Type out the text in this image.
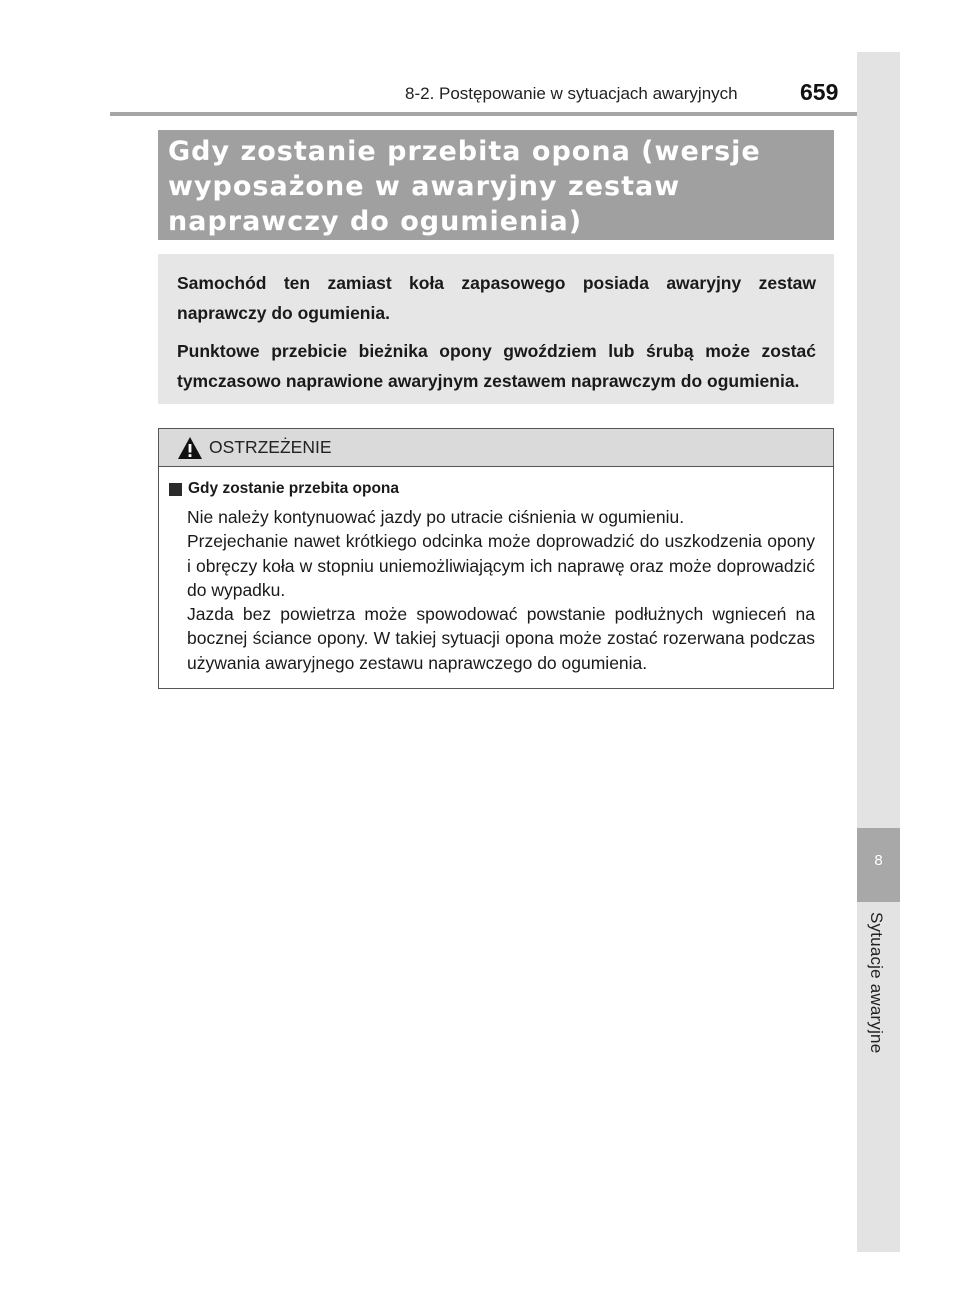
8-2. Postępowanie w sytuacjach awaryjnych	659
8
Sytuacje awaryjne
Gdy zostanie przebita opona (wersje wyposażone w awaryjny zestaw naprawczy do ogumienia)

Samochód ten zamiast koła zapasowego posiada awaryjny zestaw naprawczy do ogumienia.

Punktowe przebicie bieżnika opony gwoździem lub śrubą może zostać tymczasowo naprawione awaryjnym zestawem naprawczym do ogumienia.

OSTRZEŻENIE
Gdy zostanie przebita opona

Nie należy kontynuować jazdy po utracie ciśnienia w ogumieniu.
Przejechanie nawet krótkiego odcinka może doprowadzić do uszkodzenia opony i obręczy koła w stopniu uniemożliwiającym ich naprawę oraz może doprowadzić do wypadku.
Jazda bez powietrza może spowodować powstanie podłużnych wgnieceń na bocznej ściance opony. W takiej sytuacji opona może zostać rozerwana podczas używania awaryjnego zestawu naprawczego do ogumienia.
